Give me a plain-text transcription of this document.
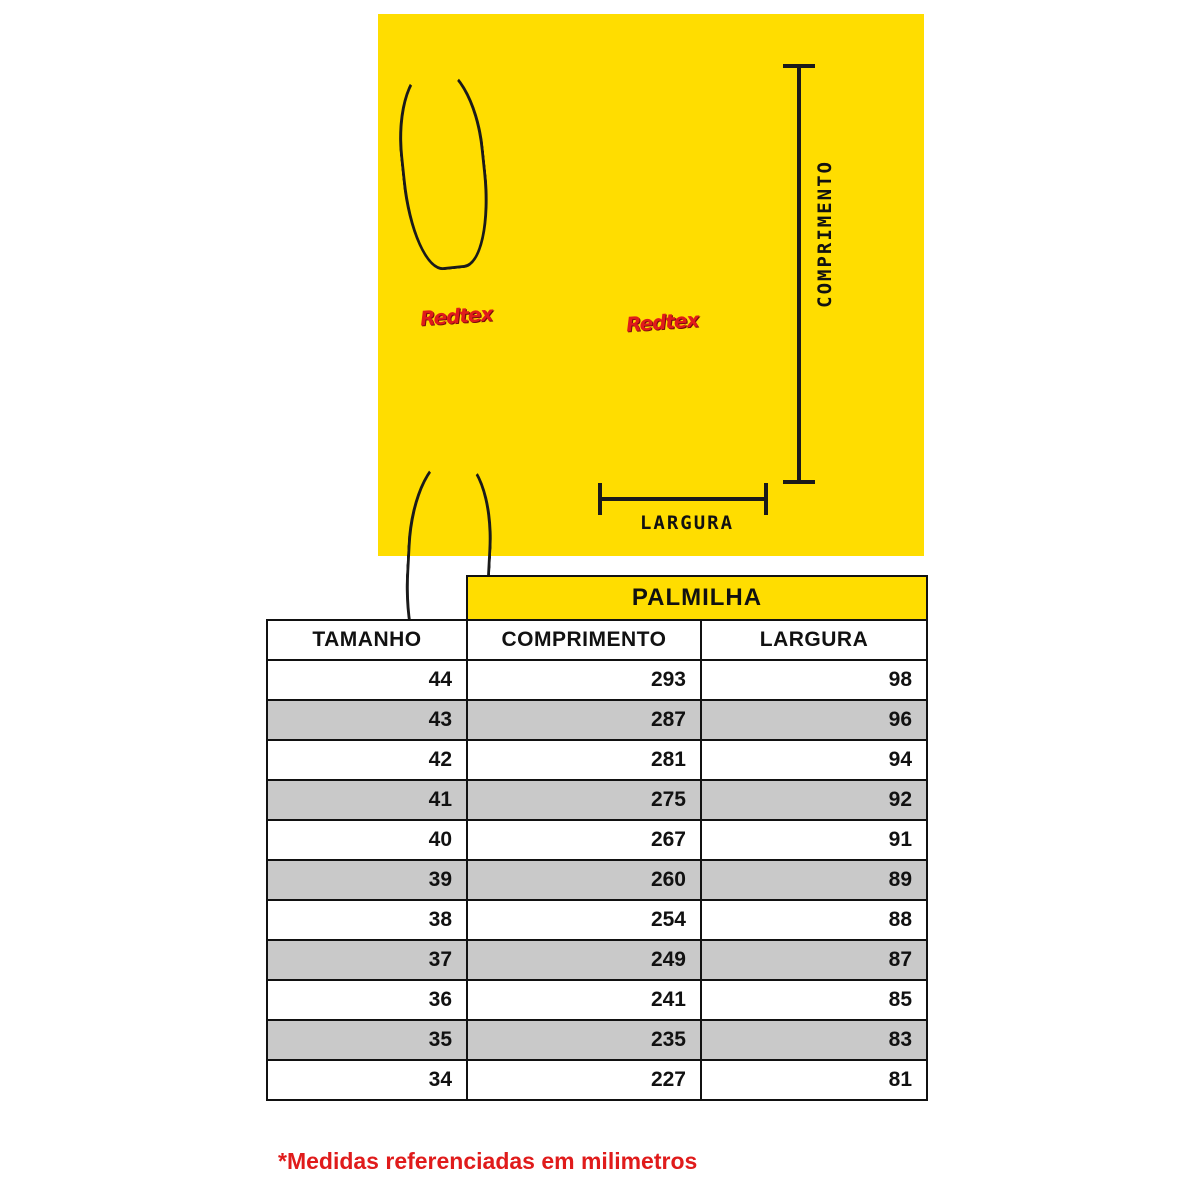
Redtex	Redtex
COMPRIMENTO
LARGURA
	PALMILHA	
TAMANHO	COMPRIMENTO	LARGURA
44	293	98
43	287	96
42	281	94
41	275	92
40	267	91
39	260	89
38	254	88
37	249	87
36	241	85
35	235	83
34	227	81
*Medidas referenciadas em milimetros
